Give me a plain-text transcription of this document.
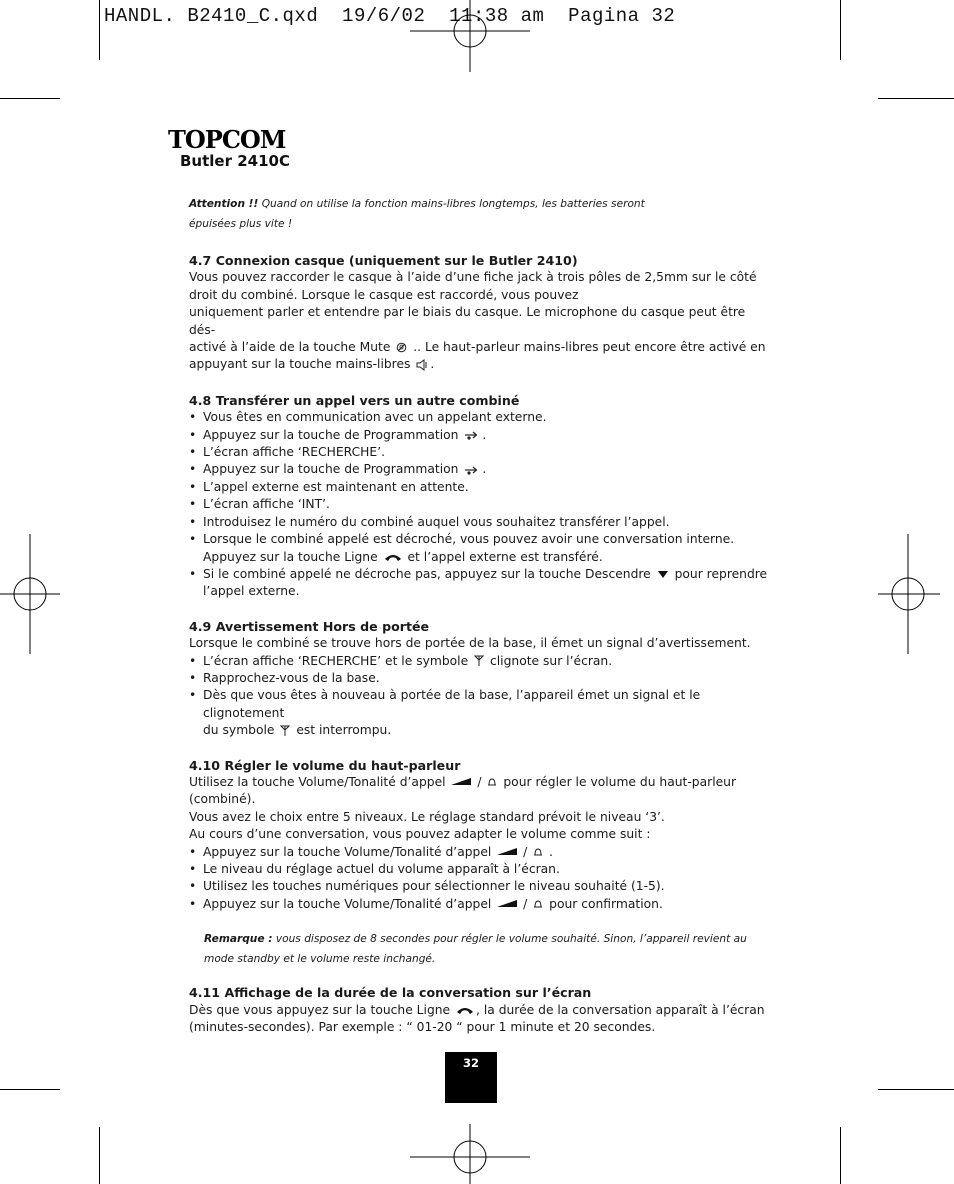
HANDL. B2410_C.qxd  19/6/02  11:38 am  Pagina 32
TOPCOM
Butler 2410C
Attention !! Quand on utilise la fonction mains-libres longtemps, les batteries seront
épuisées plus vite !
4.7 Connexion casque (uniquement sur le Butler 2410)

Vous pouvez raccorder le casque à l’aide d’une fiche jack à trois pôles de 2,5mm sur le côté
droit du combiné. Lorsque le casque est raccordé, vous pouvez
uniquement parler et entendre par le biais du casque. Le microphone du casque peut être dés-
activé à l’aide de la touche Mute  .. Le haut-parleur mains-libres peut encore être activé en
appuyant sur la touche mains-libres .

4.8 Transférer un appel vers un autre combiné
• Vous êtes en communication avec un appelant externe.
• Appuyez sur la touche de Programmation .
• L’écran affiche ‘RECHERCHE’.
• Appuyez sur la touche de Programmation .
• L’appel externe est maintenant en attente.
• L’écran affiche ‘INT’.
• Introduisez le numéro du combiné auquel vous souhaitez transférer l’appel.
• Lorsque le combiné appelé est décroché, vous pouvez avoir une conversation interne.
Appuyez sur la touche Ligne  et l’appel externe est transféré.
• Si le combiné appelé ne décroche pas, appuyez sur la touche Descendre  pour reprendre
l’appel externe.
4.9 Avertissement Hors de portée

Lorsque le combiné se trouve hors de portée de la base, il émet un signal d’avertissement.

• L’écran affiche ‘RECHERCHE’ et le symbole  clignote sur l’écran.
• Rapprochez-vous de la base.
• Dès que vous êtes à nouveau à portée de la base, l’appareil émet un signal et le clignotement
du symbole  est interrompu.
4.10 Régler le volume du haut-parleur

Utilisez la touche Volume/Tonalité d’appel  /  pour régler le volume du haut-parleur (combiné).
Vous avez le choix entre 5 niveaux. Le réglage standard prévoit le niveau ‘3’.
Au cours d’une conversation, vous pouvez adapter le volume comme suit :

• Appuyez sur la touche Volume/Tonalité d’appel  /  .
• Le niveau du réglage actuel du volume apparaît à l’écran.
• Utilisez les touches numériques pour sélectionner le niveau souhaité (1-5).
• Appuyez sur la touche Volume/Tonalité d’appel  /  pour confirmation.
Remarque : vous disposez de 8 secondes pour régler le volume souhaité. Sinon, l’appareil revient au
mode standby et le volume reste inchangé.
4.11 Affichage de la durée de la conversation sur l’écran

Dès que vous appuyez sur la touche Ligne , la durée de la conversation apparaît à l’écran
(minutes-secondes). Par exemple : “ 01-20 “ pour 1 minute et 20 secondes.

32
